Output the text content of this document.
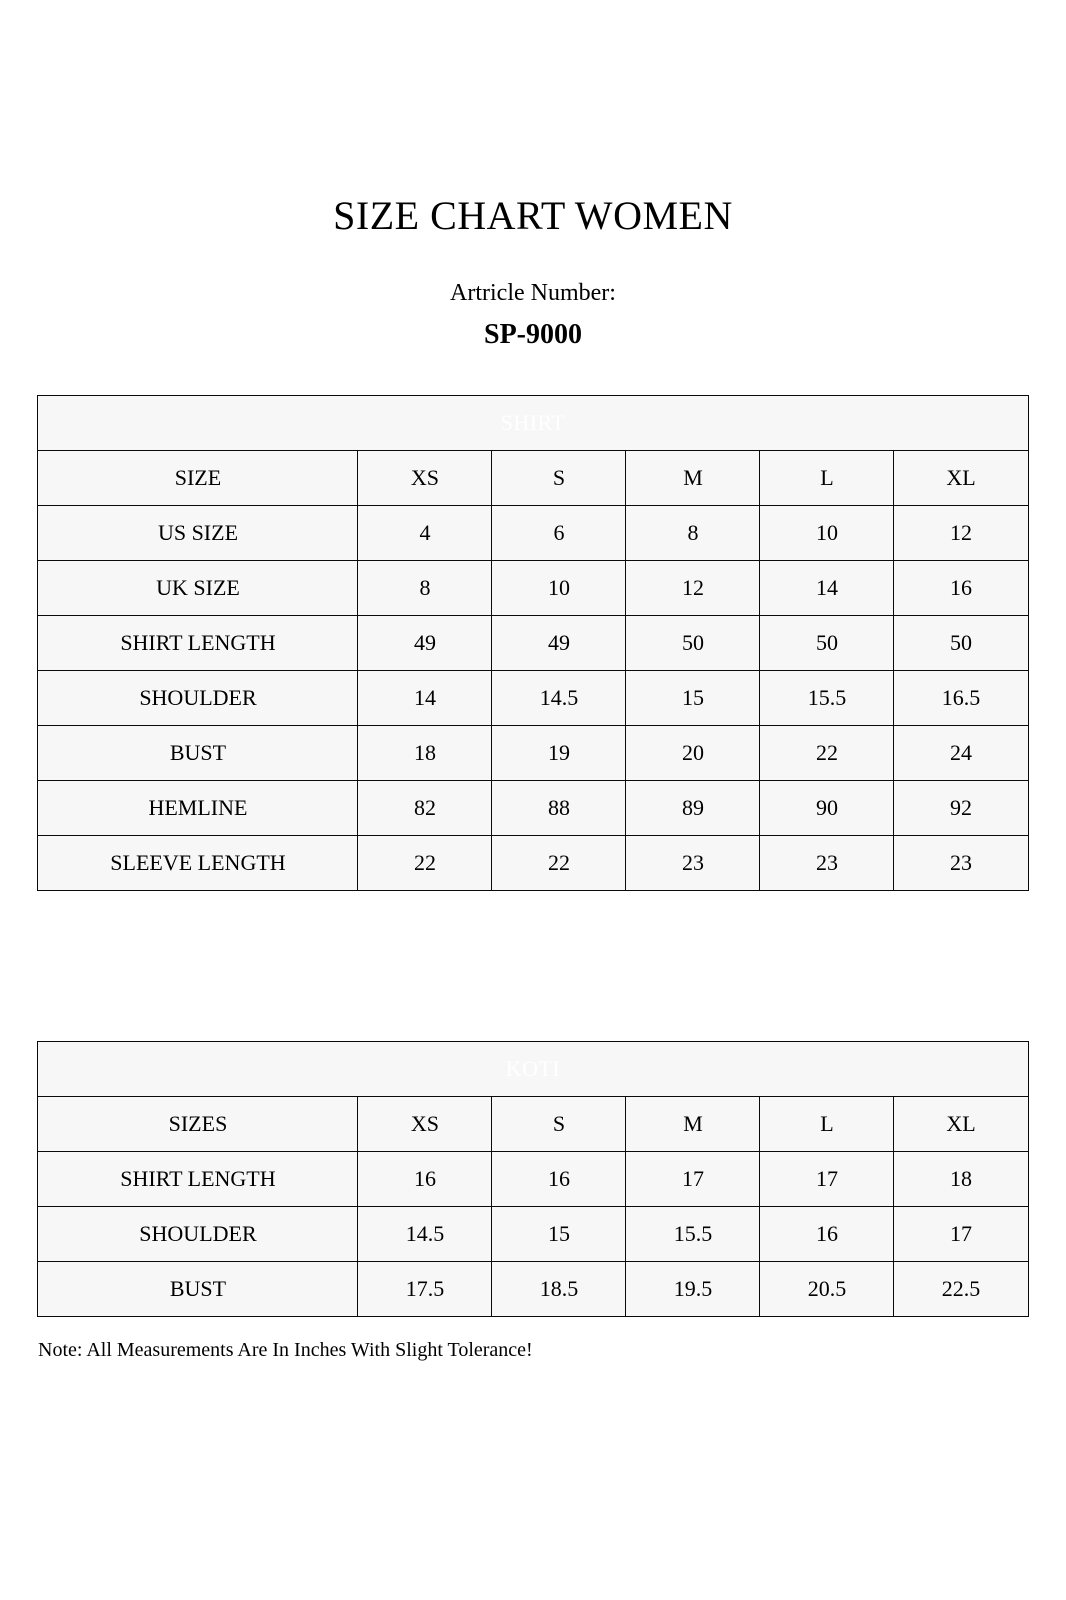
SIZE CHART WOMEN

Artricle Number:

SP-9000

SHIRT					
SIZE	XS	S	M	L	XL
US SIZE	4	6	8	10	12
UK SIZE	8	10	12	14	16
SHIRT LENGTH	49	49	50	50	50
SHOULDER	14	14.5	15	15.5	16.5
BUST	18	19	20	22	24
HEMLINE	82	88	89	90	92
SLEEVE LENGTH	22	22	23	23	23
KOTI					
SIZES	XS	S	M	L	XL
SHIRT LENGTH	16	16	17	17	18
SHOULDER	14.5	15	15.5	16	17
BUST	17.5	18.5	19.5	20.5	22.5
Note: All Measurements Are In Inches With Slight Tolerance!
